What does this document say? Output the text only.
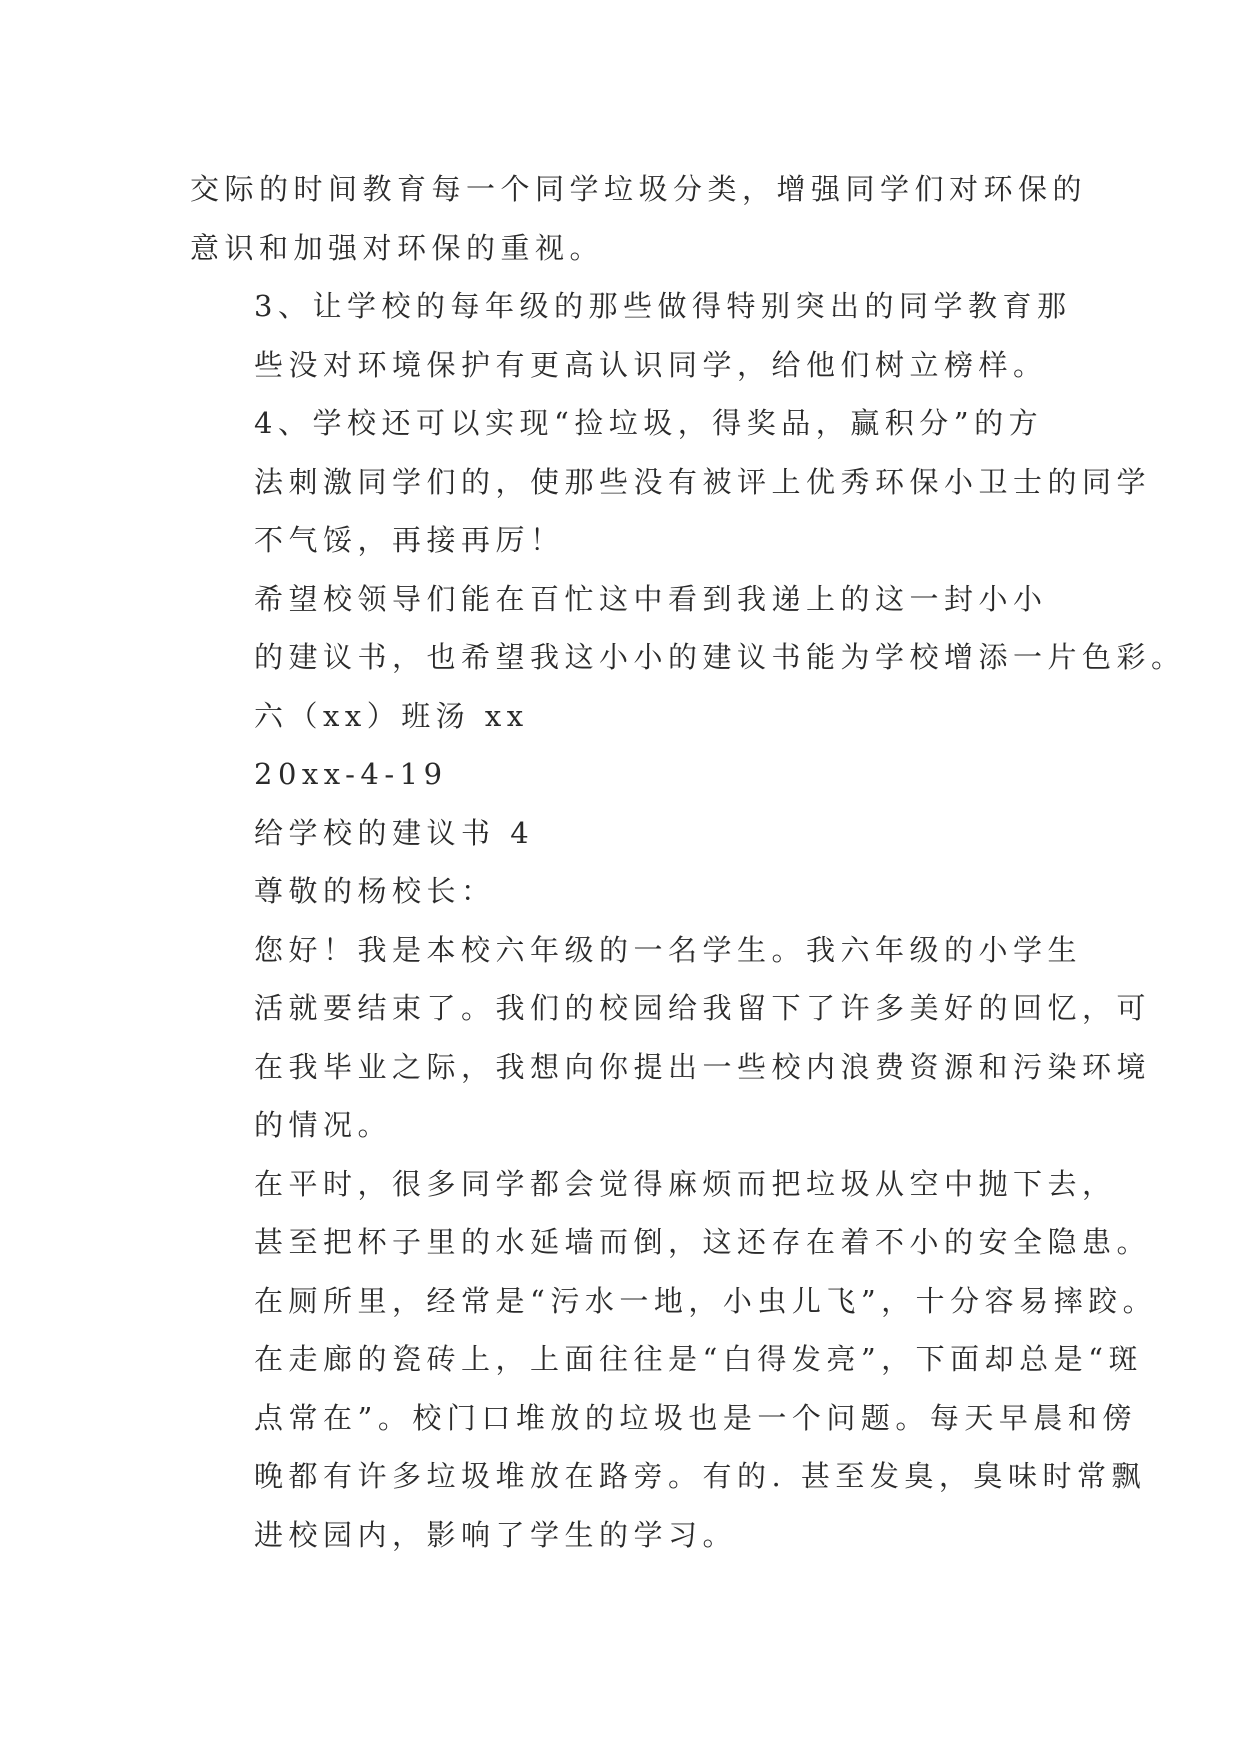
交际的时间教育每一个同学垃圾分类，增强同学们对环保的
意识和加强对环保的重视。
3、让学校的每年级的那些做得特别突出的同学教育那
些没对环境保护有更高认识同学，给他们树立榜样。
4、学校还可以实现“捡垃圾，得奖品，赢积分”的方
法刺激同学们的，使那些没有被评上优秀环保小卫士的同学
不气馁，再接再厉！
希望校领导们能在百忙这中看到我递上的这一封小小
的建议书，也希望我这小小的建议书能为学校增添一片色彩。
六（xx）班汤 xx
20xx-4-19
给学校的建议书 4
尊敬的杨校长：
您好！我是本校六年级的一名学生。我六年级的小学生
活就要结束了。我们的校园给我留下了许多美好的回忆，可
在我毕业之际，我想向你提出一些校内浪费资源和污染环境
的情况。
在平时，很多同学都会觉得麻烦而把垃圾从空中抛下去，
甚至把杯子里的水延墙而倒，这还存在着不小的安全隐患。
在厕所里，经常是“污水一地，小虫儿飞”，十分容易摔跤。
在走廊的瓷砖上，上面往往是“白得发亮”，下面却总是“斑
点常在”。校门口堆放的垃圾也是一个问题。每天早晨和傍
晚都有许多垃圾堆放在路旁。有的. 甚至发臭，臭味时常飘
进校园内，影响了学生的学习。
